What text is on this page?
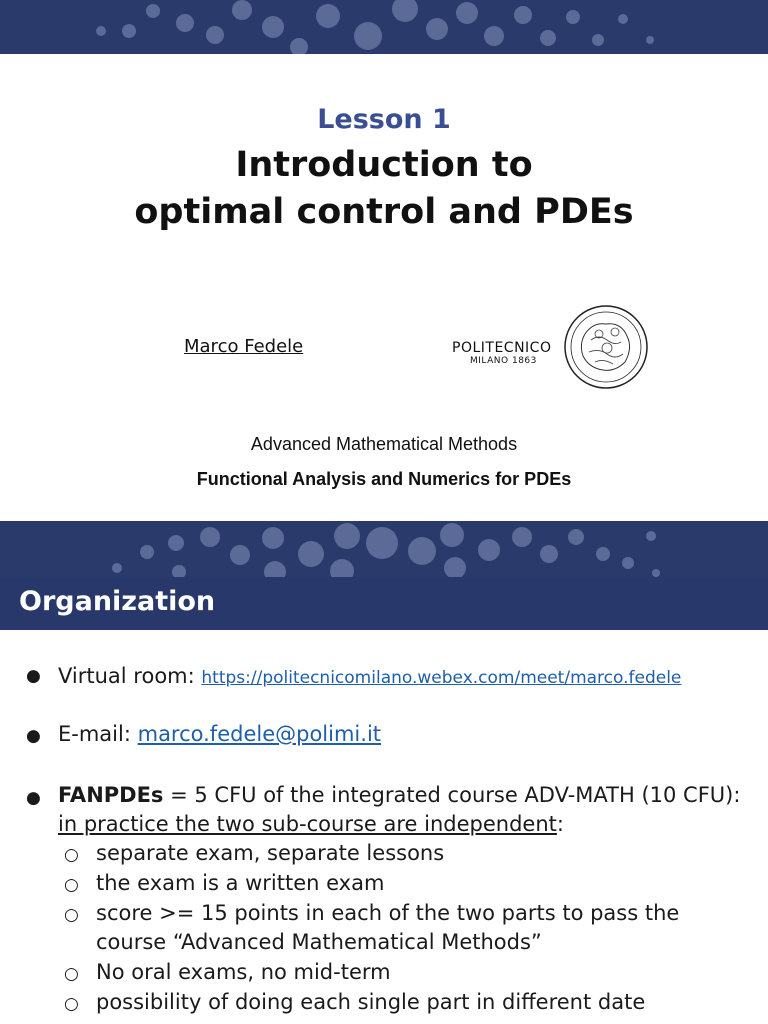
Lesson 1
Introduction to
optimal control and PDEs
Marco Fedele	POLITECNICO
MILANO 1863
Advanced Mathematical Methods
Functional Analysis and Numerics for PDEs
Organization
● Virtual room: https://politecnicomilano.webex.com/meet/marco.fedele
● E-mail: marco.fedele@polimi.it
● FANPDEs = 5 CFU of the integrated course ADV-MATH (10 CFU):
in practice the two sub-course are independent:
○ separate exam, separate lessons
○ the exam is a written exam
○ score >= 15 points in each of the two parts to pass the
course “Advanced Mathematical Methods”
○ No oral exams, no mid-term
○ possibility of doing each single part in different date
